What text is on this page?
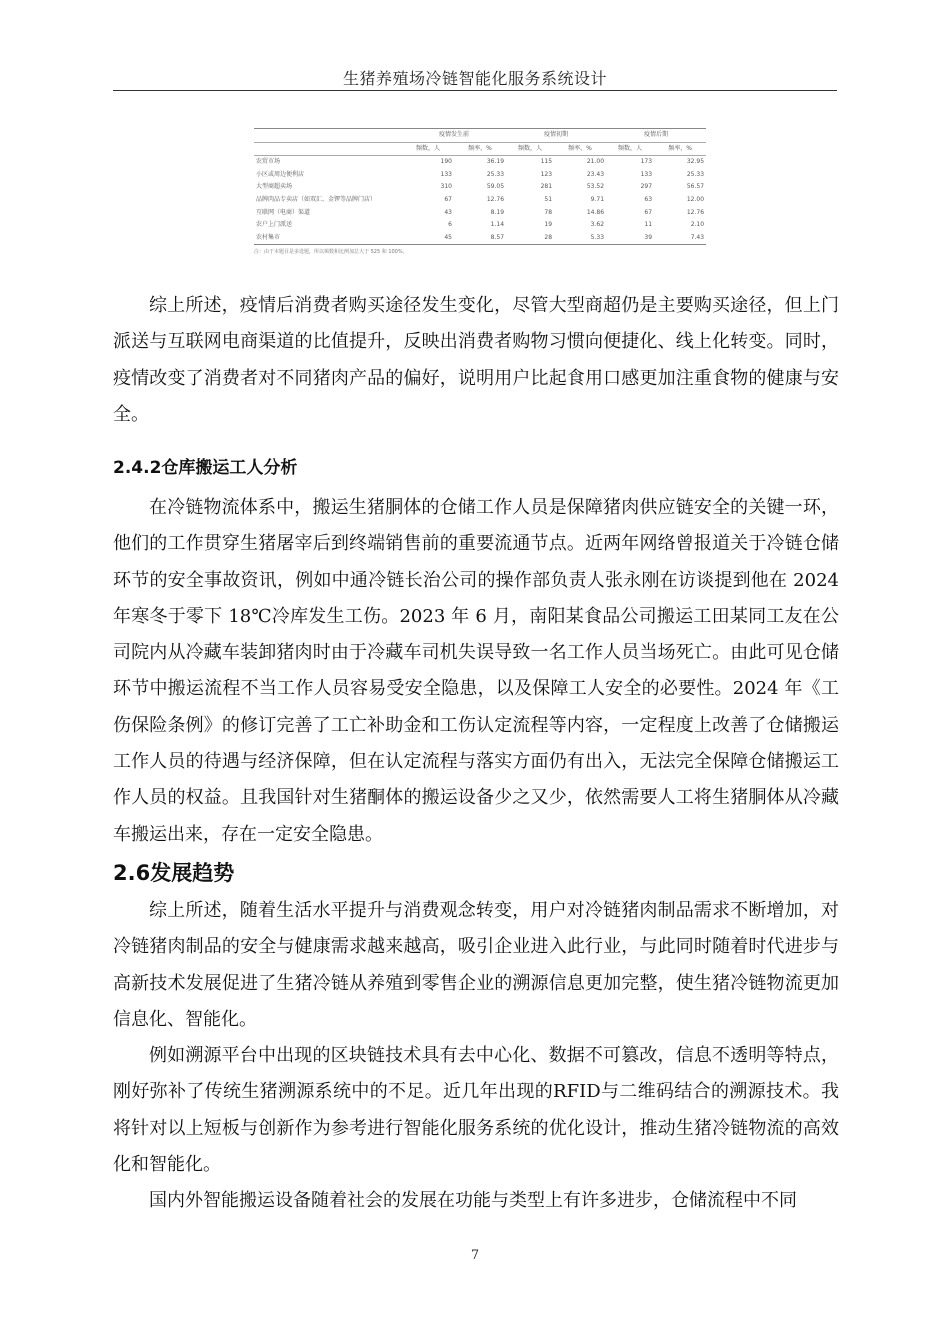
生猪养殖场冷链智能化服务系统设计
	疫情发生前		疫情初期		疫情后期	
	频数，人	频率，%	频数，人	频率，%	频数，人	频率，%
农贸市场	190	36.19	115	21.00	173	32.95
小区或周边便利店	133	25.33	123	23.43	133	25.33
大型商超卖场	310	59.05	281	53.52	297	56.57
品牌肉品专卖店（如双汇、金锣等品牌门店）	67	12.76	51	9.71	63	12.00
互联网（电商）渠道	43	8.19	78	14.86	67	12.76
农户上门派送	6	1.14	19	3.62	11	2.10
农村集市	45	8.57	28	5.33	39	7.43
注：由于本题目是多选题，所以频数和比例加总大于 525 和 100%。

综上所述，疫情后消费者购买途径发生变化，尽管大型商超仍是主要购买途径，但上门派送与互联网电商渠道的比值提升，反映出消费者购物习惯向便捷化、线上化转变。同时，疫情改变了消费者对不同猪肉产品的偏好，说明用户比起食用口感更加注重食物的健康与安全。

2.4.2仓库搬运工人分析

在冷链物流体系中，搬运生猪胴体的仓储工作人员是保障猪肉供应链安全的关键一环，他们的工作贯穿生猪屠宰后到终端销售前的重要流通节点。近两年网络曾报道关于冷链仓储环节的安全事故资讯，例如中通冷链长治公司的操作部负责人张永刚在访谈提到他在 2024 年寒冬于零下 18℃冷库发生工伤。2023 年 6 月，南阳某食品公司搬运工田某同工友在公司院内从冷藏车装卸猪肉时由于冷藏车司机失误导致一名工作人员当场死亡。由此可见仓储环节中搬运流程不当工作人员容易受安全隐患，以及保障工人安全的必要性。2024 年《工伤保险条例》的修订完善了工亡补助金和工伤认定流程等内容，一定程度上改善了仓储搬运工作人员的待遇与经济保障，但在认定流程与落实方面仍有出入，无法完全保障仓储搬运工作人员的权益。且我国针对生猪酮体的搬运设备少之又少，依然需要人工将生猪胴体从冷藏车搬运出来，存在一定安全隐患。

2.6发展趋势

综上所述，随着生活水平提升与消费观念转变，用户对冷链猪肉制品需求不断增加，对冷链猪肉制品的安全与健康需求越来越高，吸引企业进入此行业，与此同时随着时代进步与高新技术发展促进了生猪冷链从养殖到零售企业的溯源信息更加完整，使生猪冷链物流更加信息化、智能化。

例如溯源平台中出现的区块链技术具有去中心化、数据不可篡改，信息不透明等特点，刚好弥补了传统生猪溯源系统中的不足。近几年出现的RFID与二维码结合的溯源技术。我将针对以上短板与创新作为参考进行智能化服务系统的优化设计，推动生猪冷链物流的高效化和智能化。

国内外智能搬运设备随着社会的发展在功能与类型上有许多进步，仓储流程中不同

7
